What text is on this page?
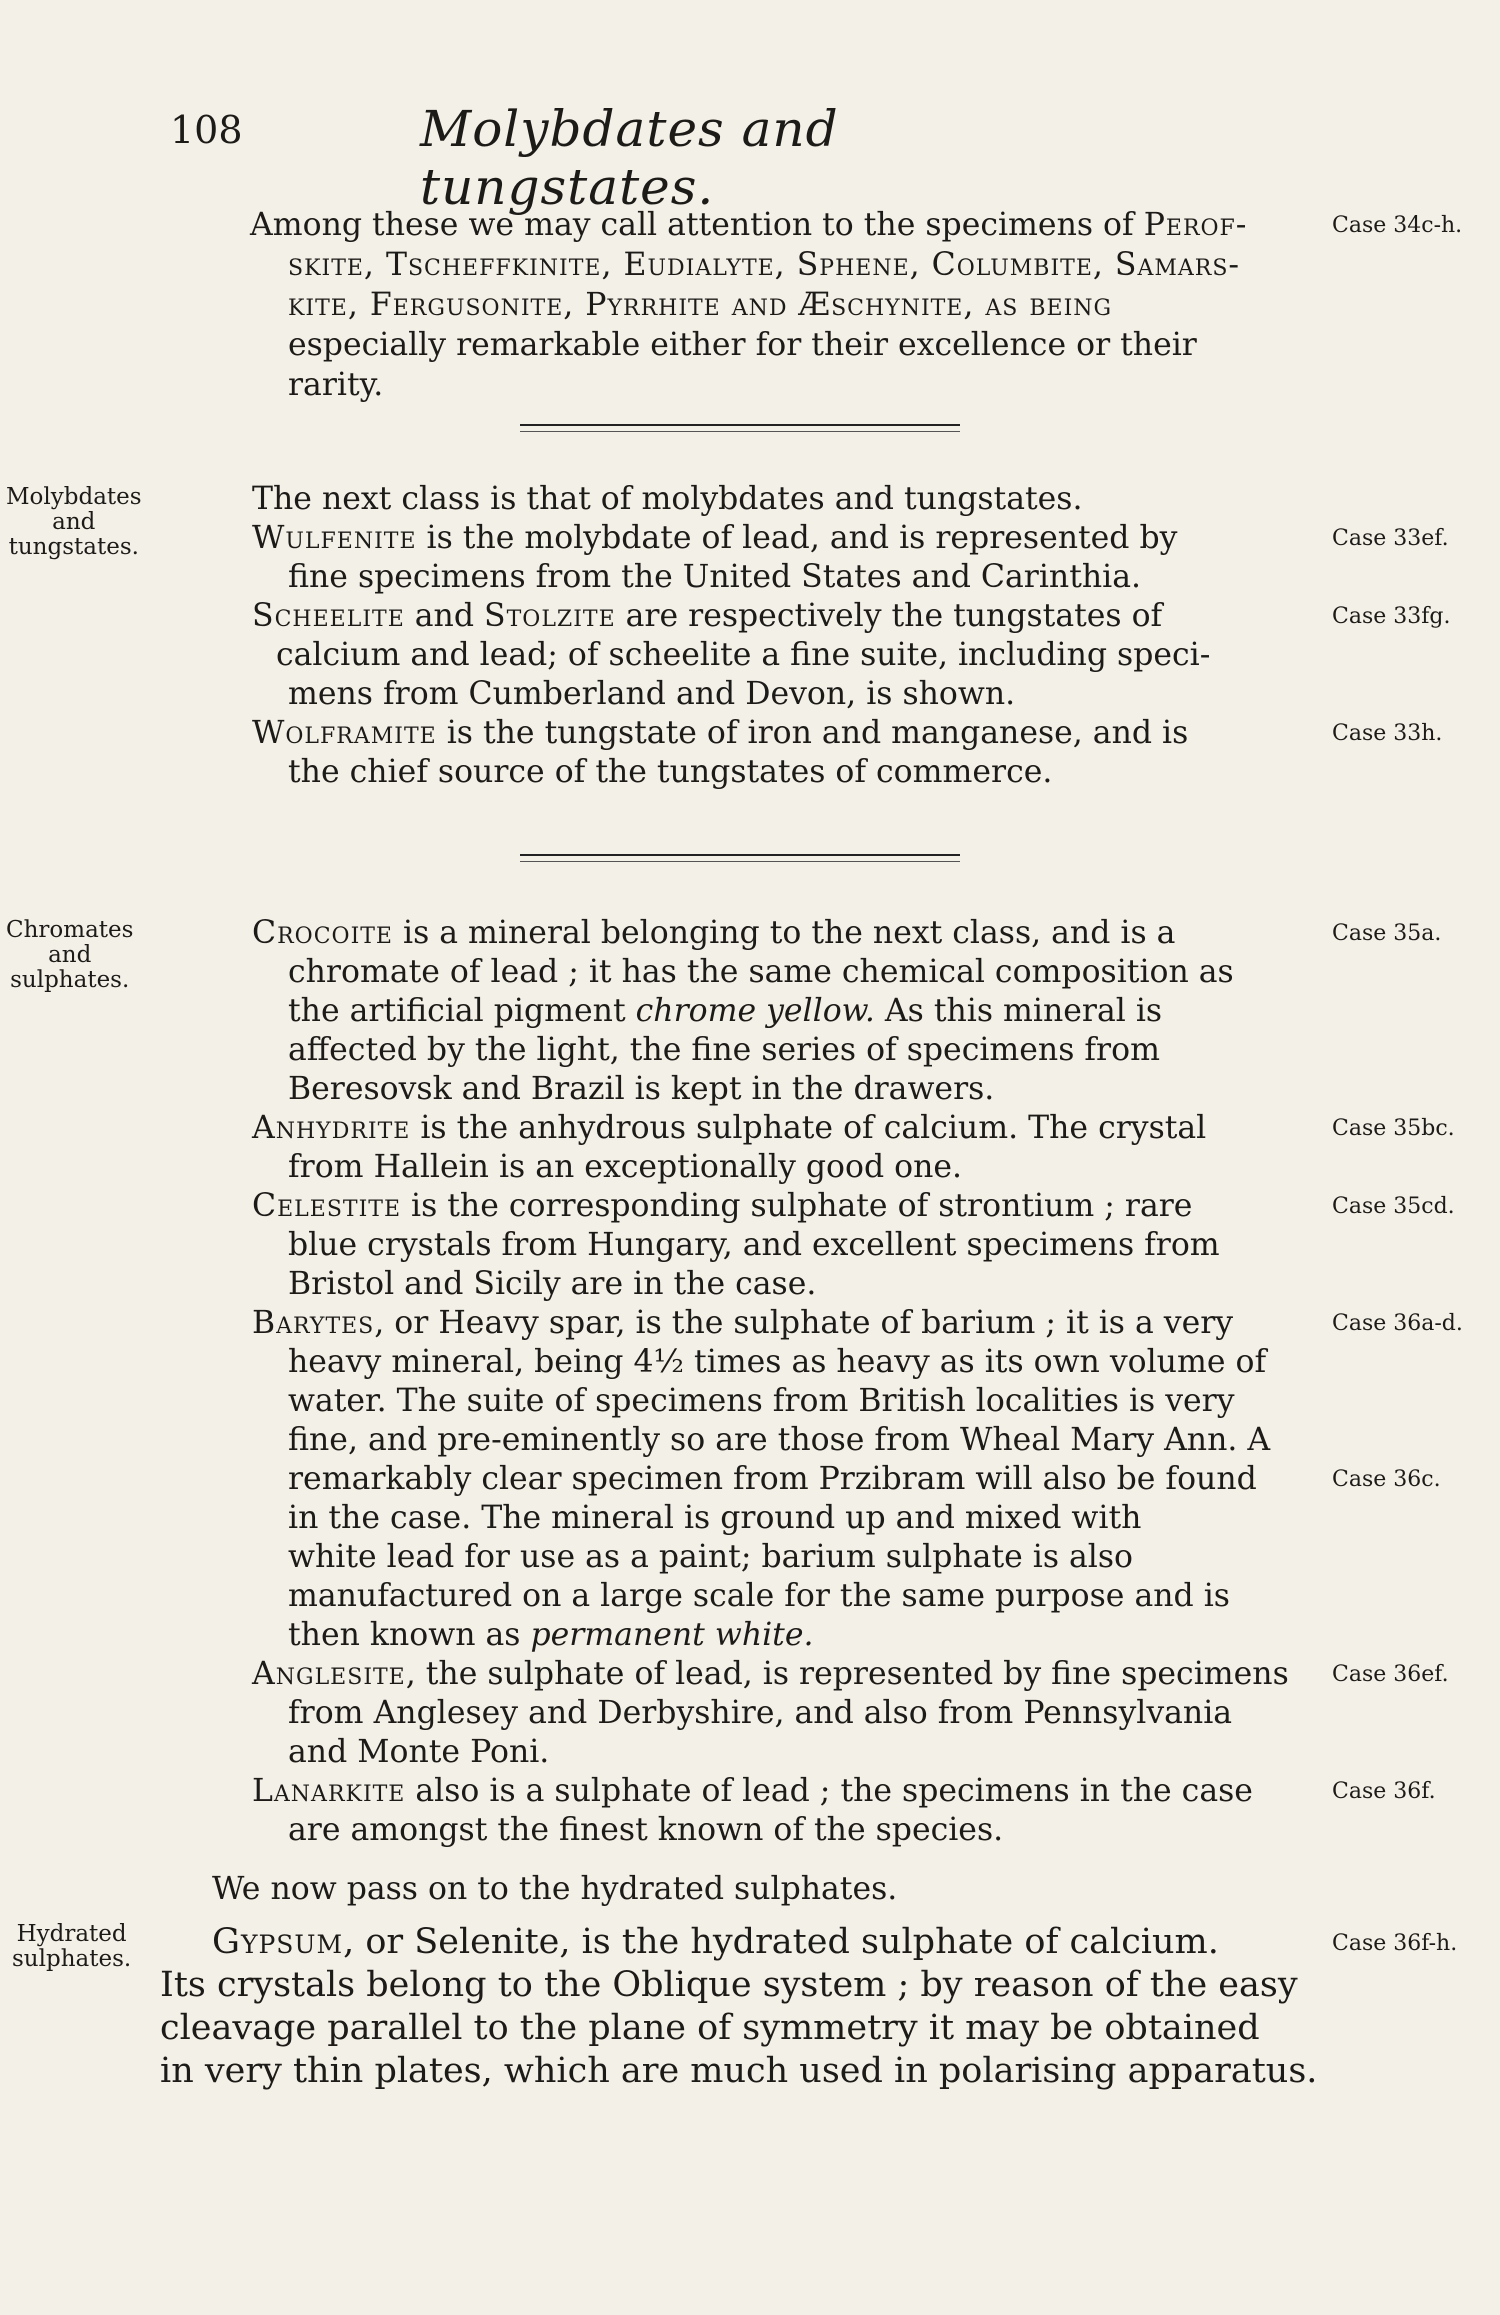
108	Molybdates and tungstates.
Among these we may call attention to the specimens of Perof-
skite, Tscheffkinite, Eudialyte, Sphene, Columbite, Samars-
kite, Fergusonite, Pyrrhite and Æschynite, as being
especially remarkable either for their excellence or their
rarity.
Case 34c-h.
Molybdates
and
tungstates.
The next class is that of molybdates and tungstates.
Wulfenite is the molybdate of lead, and is represented by
fine specimens from the United States and Carinthia.
Case 33ef.
Scheelite and Stolzite are respectively the tungstates of
calcium and lead; of scheelite a fine suite, including speci-
mens from Cumberland and Devon, is shown.
Case 33fg.
Wolframite is the tungstate of iron and manganese, and is
the chief source of the tungstates of commerce.
Case 33h.
Chromates
and
sulphates.
Crocoite is a mineral belonging to the next class, and is a
chromate of lead ; it has the same chemical composition as
the artificial pigment chrome yellow. As this mineral is
affected by the light, the fine series of specimens from
Beresovsk and Brazil is kept in the drawers.
Case 35a.
Anhydrite is the anhydrous sulphate of calcium. The crystal
from Hallein is an exceptionally good one.
Case 35bc.
Celestite is the corresponding sulphate of strontium ; rare
blue crystals from Hungary, and excellent specimens from
Bristol and Sicily are in the case.
Case 35cd.
Barytes, or Heavy spar, is the sulphate of barium ; it is a very
heavy mineral, being 4½ times as heavy as its own volume of
water. The suite of specimens from British localities is very
fine, and pre-eminently so are those from Wheal Mary Ann. A
remarkably clear specimen from Przibram will also be found
in the case. The mineral is ground up and mixed with
white lead for use as a paint; barium sulphate is also
manufactured on a large scale for the same purpose and is
then known as permanent white.
Case 36a-d.
Case 36c.
Anglesite, the sulphate of lead, is represented by fine specimens
from Anglesey and Derbyshire, and also from Pennsylvania
and Monte Poni.
Case 36ef.
Lanarkite also is a sulphate of lead ; the specimens in the case
are amongst the finest known of the species.
Case 36f.
We now pass on to the hydrated sulphates.
Hydrated
sulphates. Gypsum, or Selenite, is the hydrated sulphate of calcium.
Its crystals belong to the Oblique system ; by reason of the easy
cleavage parallel to the plane of symmetry it may be obtained
in very thin plates, which are much used in polarising apparatus.
Case 36f-h.
